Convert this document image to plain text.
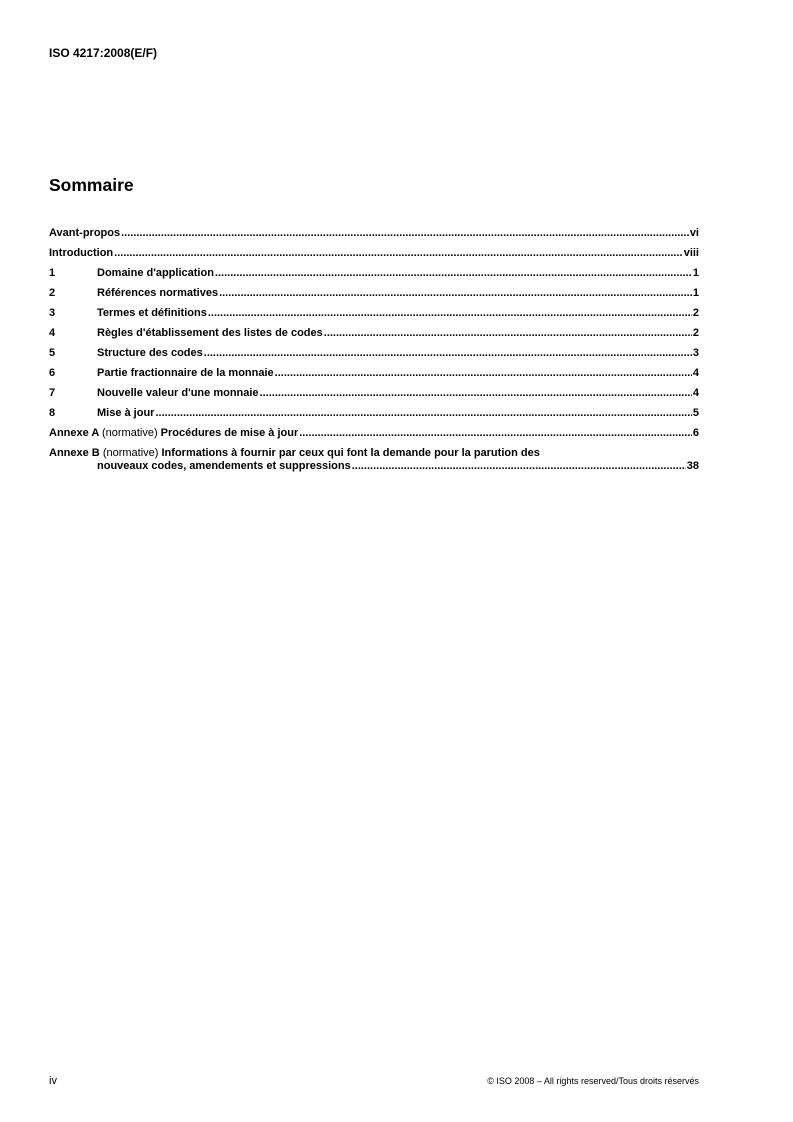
ISO 4217:2008(E/F)
Sommaire
Avant-propos .....	vi
Introduction .....	viii
1	Domaine d'application .....	1
2	Références normatives .....	1
3	Termes et définitions .....	2
4	Règles d'établissement des listes de codes .....	2
5	Structure des codes .....	3
6	Partie fractionnaire de la monnaie .....	4
7	Nouvelle valeur d'une monnaie .....	4
8	Mise à jour .....	5
Annexe A (normative) Procédures de mise à jour .....	6
Annexe B (normative) Informations à fournir par ceux qui font la demande pour la parution des
nouveaux codes, amendements et suppressions .....	38
iv	© ISO 2008 – All rights reserved/Tous droits réservés
